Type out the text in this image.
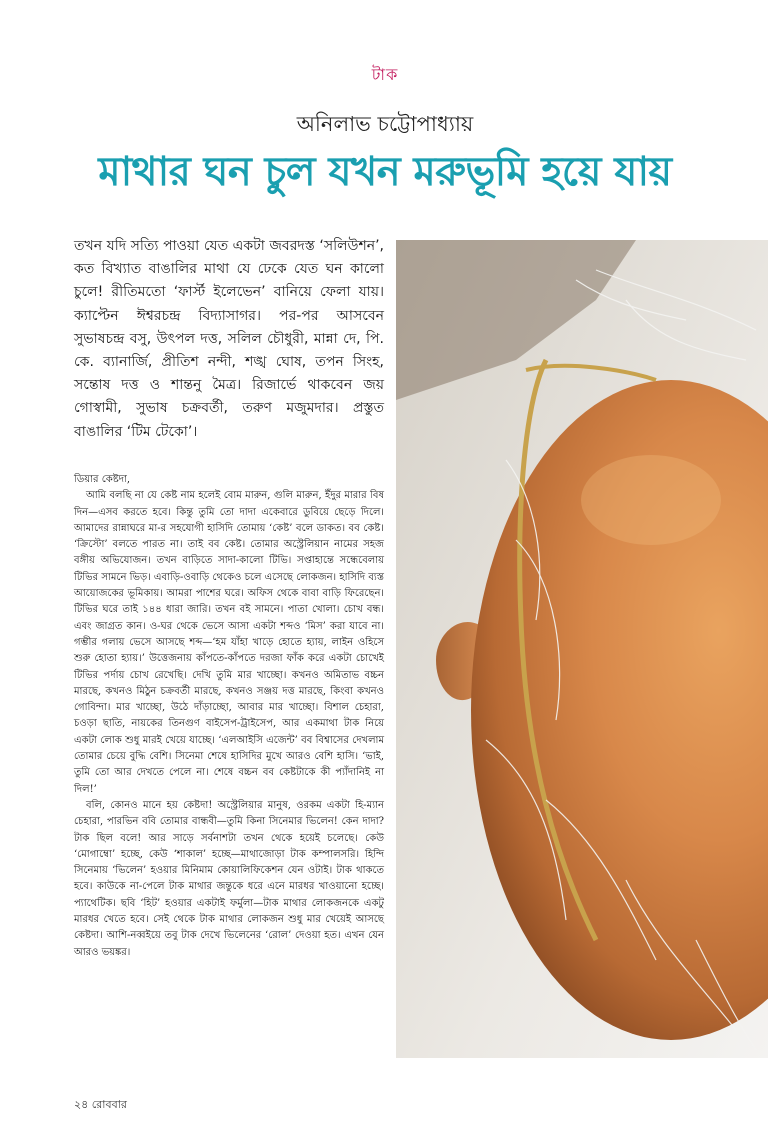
টাক
অনিলাভ চট্টোপাধ্যায়
মাথার ঘন চুল যখন মরুভূমি হয়ে যায়
তখন যদি সত্যি পাওয়া যেত একটা জবরদস্ত ‘সলিউশন’, কত বিখ্যাত বাঙালির মাথা যে ঢেকে যেত ঘন কালো চুলে! রীতিমতো ‘ফার্স্ট ইলেভেন’ বানিয়ে ফেলা যায়। ক্যাপ্টেন ঈশ্বরচন্দ্র বিদ্যাসাগর। পর-পর আসবেন সুভাষচন্দ্র বসু, উৎপল দত্ত, সলিল চৌধুরী, মান্না দে, পি. কে. ব্যানার্জি, প্রীতিশ নন্দী, শঙ্খ ঘোষ, তপন সিংহ, সন্তোষ দত্ত ও শান্তনু মৈত্র। রিজার্ভে থাকবেন জয় গোস্বামী, সুভাষ চক্রবর্তী, তরুণ মজুমদার। প্রস্তুত বাঙালির ‘টিম টেকো’।
ডিয়ার কেষ্টদা,

আমি বলছি না যে কেষ্ট নাম হলেই বোম মারুন, গুলি মারুন, ইঁদুর মারার বিষ দিন—এসব করতে হবে। কিন্তু তুমি তো দাদা একেবারে ডুবিয়ে ছেড়ে দিলে। আমাদের রান্নাঘরে মা-র সহযোগী হাসিদি তোমায় ‘কেষ্ট’ বলে ডাকত। বব কেষ্ট। ‘ক্রিস্টো’ বলতে পারত না। তাই বব কেষ্ট। তোমার অস্ট্রেলিয়ান নামের সহজ বঙ্গীয় অভিযোজন। তখন বাড়িতে সাদা-কালো টিভি। সপ্তাহান্তে সন্ধেবেলায় টিভির সামনে ভিড়। এবাড়ি-ওবাড়ি থেকেও চলে এসেছে লোকজন। হাসিদি ব্যস্ত আয়োজকের ভূমিকায়। আমরা পাশের ঘরে। অফিস থেকে বাবা বাড়ি ফিরেছেন। টিভির ঘরে তাই ১৪৪ ধারা জারি। তখন বই সামনে। পাতা খোলা। চোখ বন্ধ। এবং জাগ্রত কান। ও-ঘর থেকে ভেসে আসা একটা শব্দও ‘মিস’ করা যাবে না। গম্ভীর গলায় ভেসে আসছে শব্দ—‘হম যাঁহা খাড়ে হোতে হ্যায়, লাইন ওহিসে শুরু হোতা হ্যায়।’ উত্তেজনায় কাঁপতে-কাঁপতে দরজা ফাঁক করে একটা চোখেই টিভির পর্দায় চোখ রেখেছি। দেখি তুমি মার খাচ্ছো। কখনও অমিতাভ বচ্চন মারছে, কখনও মিঠুন চক্রবর্তী মারছে, কখনও সঞ্জয় দত্ত মারছে, কিংবা কখনও গোবিন্দা। মার খাচ্ছো, উঠে দাঁড়াচ্ছো, আবার মার খাচ্ছো। বিশাল চেহারা, চওড়া ছাতি, নায়কের তিনগুণ বাইসেপ-ট্রাইসেপ, আর একমাথা টাক নিয়ে একটা লোক শুধু মারই খেয়ে যাচ্ছে। ‘এলআইসি এজেন্ট’ বব বিশ্বাসের দেখলাম তোমার চেয়ে বুদ্ধি বেশি। সিনেমা শেষে হাসিদির মুখে আরও বেশি হাসি। ‘ভাই, তুমি তো আর দেখতে পেলে না। শেষে বচ্চন বব কেষ্টটাকে কী প্যাঁদানিই না দিল!’

বলি, কোনও মানে হয় কেষ্টদা! অস্ট্রেলিয়ার মানুষ, ওরকম একটা হি-ম্যান চেহারা, পারভিন ববি তোমার বান্ধবী—তুমি কিনা সিনেমার ভিলেন! কেন দাদা? টাক ছিল বলে! আর সাড়ে সর্বনাশটা তখন থেকে হয়েই চলেছে। কেউ ‘মোগাম্বো’ হচ্ছে, কেউ ‘শাকাল’ হচ্ছে—মাথাজোড়া টাক কম্পালসরি। হিন্দি সিনেমায় ‘ভিলেন’ হওয়ার মিনিমাম কোয়ালিফিকেশন যেন ওটাই। টাক থাকতে হবে। কাউকে না-পেলে টাক মাথার জন্তুকে ধরে এনে মারধর খাওয়ানো হচ্ছে। প্যাথেটিক। ছবি ‘হিট’ হওয়ার একটাই ফর্মুলা—টাক মাথার লোকজনকে একটু মারধর খেতে হবে। সেই থেকে টাক মাথার লোকজন শুধু মার খেয়েই আসছে কেষ্টদা। আশি-নব্বইয়ে তবু টাক দেখে ভিলেনের ‘রোল’ দেওয়া হত। এখন যেন আরও ভয়ঙ্কর।

২৪ রোববার
